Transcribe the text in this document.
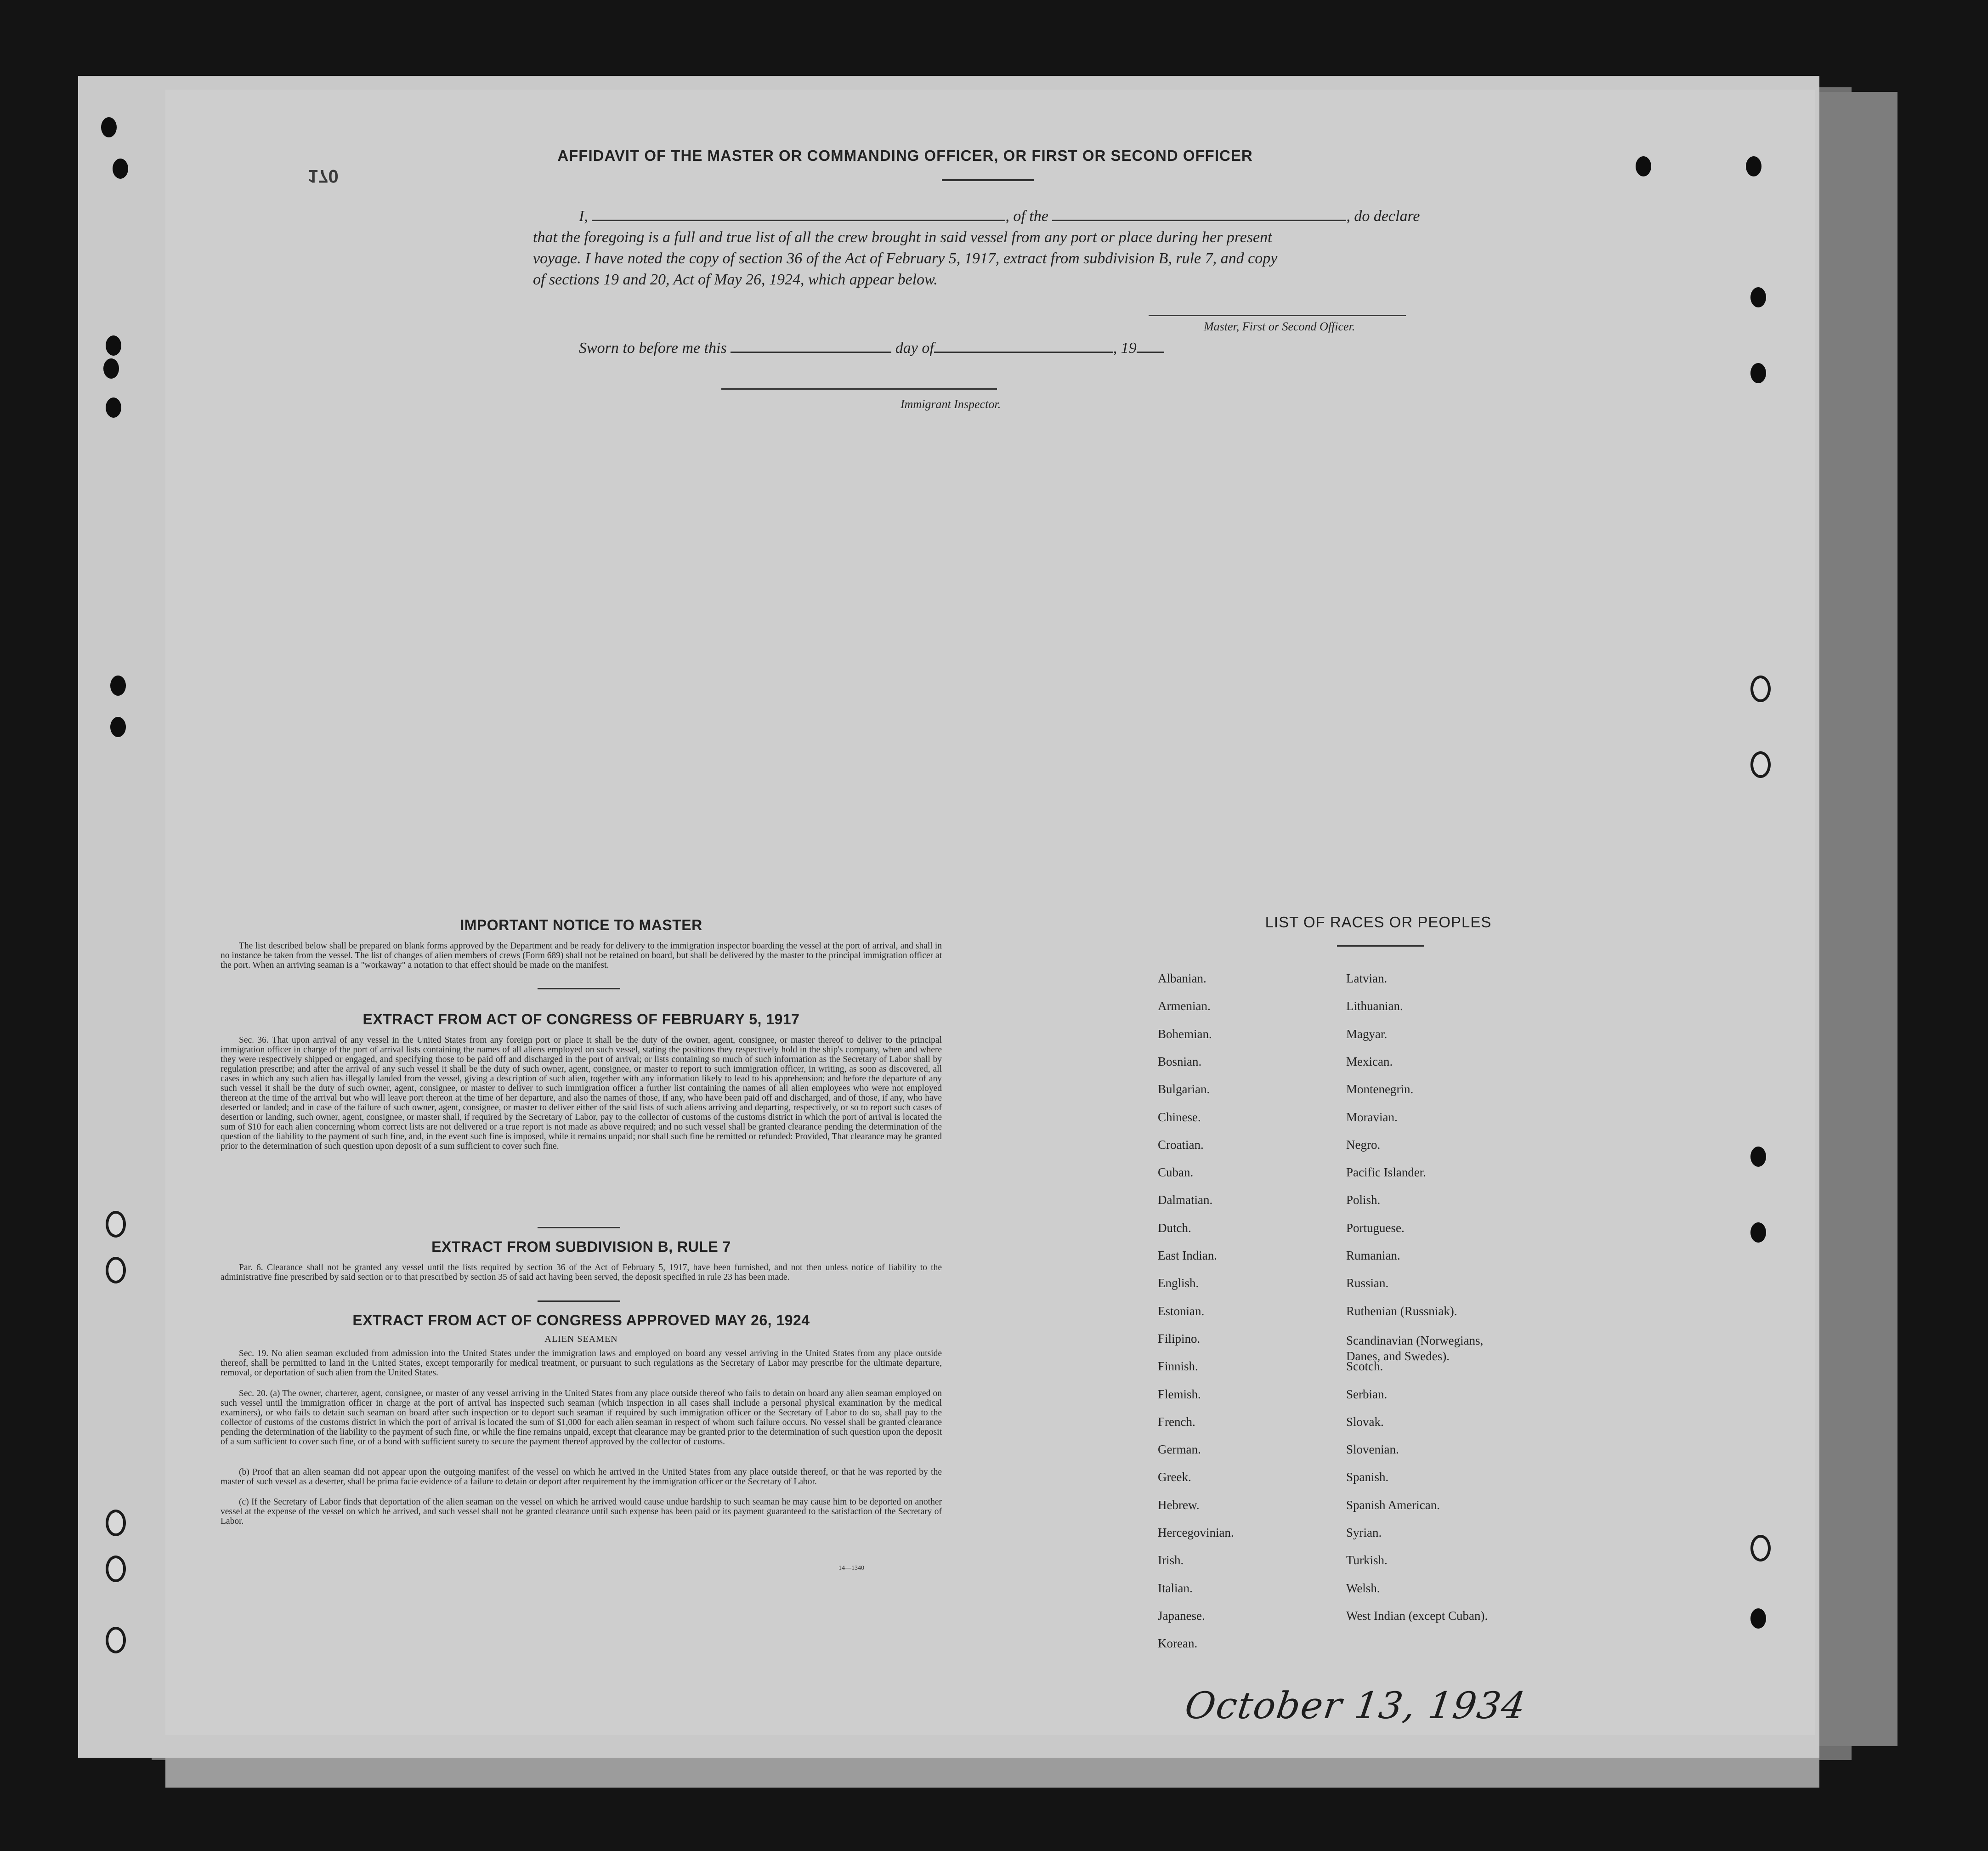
170
AFFIDAVIT OF THE MASTER OR COMMANDING OFFICER, OR FIRST OR SECOND OFFICER
I,	, of the	, do declare
that the foregoing is a full and true list of all the crew brought in said vessel from any port or place during her present
voyage. I have noted the copy of section 36 of the Act of February 5, 1917, extract from subdivision B, rule 7, and copy
of sections 19 and 20, Act of May 26, 1924, which appear below.
Master, First or Second Officer.
Sworn to before me this	day of	, 19
Immigrant Inspector.
IMPORTANT NOTICE TO MASTER
The list described below shall be prepared on blank forms approved by the Department and be ready for delivery to the immigration inspector boarding the vessel at the port of arrival, and shall in no instance be taken from the vessel. The list of changes of alien members of crews (Form 689) shall not be retained on board, but shall be delivered by the master to the principal immigration officer at the port. When an arriving seaman is a "workaway" a notation to that effect should be made on the manifest.
EXTRACT FROM ACT OF CONGRESS OF FEBRUARY 5, 1917
Sec. 36. That upon arrival of any vessel in the United States from any foreign port or place it shall be the duty of the owner, agent, consignee, or master thereof to deliver to the principal immigration officer in charge of the port of arrival lists containing the names of all aliens employed on such vessel, stating the positions they respectively hold in the ship's company, when and where they were respectively shipped or engaged, and specifying those to be paid off and discharged in the port of arrival; or lists containing so much of such information as the Secretary of Labor shall by regulation prescribe; and after the arrival of any such vessel it shall be the duty of such owner, agent, consignee, or master to report to such immigration officer, in writing, as soon as discovered, all cases in which any such alien has illegally landed from the vessel, giving a description of such alien, together with any information likely to lead to his apprehension; and before the departure of any such vessel it shall be the duty of such owner, agent, consignee, or master to deliver to such immigration officer a further list containing the names of all alien employees who were not employed thereon at the time of the arrival but who will leave port thereon at the time of her departure, and also the names of those, if any, who have been paid off and discharged, and of those, if any, who have deserted or landed; and in case of the failure of such owner, agent, consignee, or master to deliver either of the said lists of such aliens arriving and departing, respectively, or so to report such cases of desertion or landing, such owner, agent, consignee, or master shall, if required by the Secretary of Labor, pay to the collector of customs of the customs district in which the port of arrival is located the sum of $10 for each alien concerning whom correct lists are not delivered or a true report is not made as above required; and no such vessel shall be granted clearance pending the determination of the question of the liability to the payment of such fine, and, in the event such fine is imposed, while it remains unpaid; nor shall such fine be remitted or refunded: Provided, That clearance may be granted prior to the determination of such question upon deposit of a sum sufficient to cover such fine.
EXTRACT FROM SUBDIVISION B, RULE 7
Par. 6. Clearance shall not be granted any vessel until the lists required by section 36 of the Act of February 5, 1917, have been furnished, and not then unless notice of liability to the administrative fine prescribed by said section or to that prescribed by section 35 of said act having been served, the deposit specified in rule 23 has been made.
EXTRACT FROM ACT OF CONGRESS APPROVED MAY 26, 1924
ALIEN SEAMEN
Sec. 19. No alien seaman excluded from admission into the United States under the immigration laws and employed on board any vessel arriving in the United States from any place outside thereof, shall be permitted to land in the United States, except temporarily for medical treatment, or pursuant to such regulations as the Secretary of Labor may prescribe for the ultimate departure, removal, or deportation of such alien from the United States.
Sec. 20. (a) The owner, charterer, agent, consignee, or master of any vessel arriving in the United States from any place outside thereof who fails to detain on board any alien seaman employed on such vessel until the immigration officer in charge at the port of arrival has inspected such seaman (which inspection in all cases shall include a personal physical examination by the medical examiners), or who fails to detain such seaman on board after such inspection or to deport such seaman if required by such immigration officer or the Secretary of Labor to do so, shall pay to the collector of customs of the customs district in which the port of arrival is located the sum of $1,000 for each alien seaman in respect of whom such failure occurs. No vessel shall be granted clearance pending the determination of the liability to the payment of such fine, or while the fine remains unpaid, except that clearance may be granted prior to the determination of such question upon the deposit of a sum sufficient to cover such fine, or of a bond with sufficient surety to secure the payment thereof approved by the collector of customs.
(b) Proof that an alien seaman did not appear upon the outgoing manifest of the vessel on which he arrived in the United States from any place outside thereof, or that he was reported by the master of such vessel as a deserter, shall be prima facie evidence of a failure to detain or deport after requirement by the immigration officer or the Secretary of Labor.
(c) If the Secretary of Labor finds that deportation of the alien seaman on the vessel on which he arrived would cause undue hardship to such seaman he may cause him to be deported on another vessel at the expense of the vessel on which he arrived, and such vessel shall not be granted clearance until such expense has been paid or its payment guaranteed to the satisfaction of the Secretary of Labor.
14—1340
LIST OF RACES OR PEOPLES
October 13, 1934
Albanian.
Armenian.
Bohemian.
Bosnian.
Bulgarian.
Chinese.
Croatian.
Cuban.
Dalmatian.
Dutch.
East Indian.
English.
Estonian.
Filipino.
Finnish.
Flemish.
French.
German.
Greek.
Hebrew.
Hercegovinian.
Irish.
Italian.
Japanese.
Korean.
Latvian.
Lithuanian.
Magyar.
Mexican.
Montenegrin.
Moravian.
Negro.
Pacific Islander.
Polish.
Portuguese.
Rumanian.
Russian.
Ruthenian (Russniak).
Scandinavian (Norwegians,
Danes, and Swedes).
Scotch.
Serbian.
Slovak.
Slovenian.
Spanish.
Spanish American.
Syrian.
Turkish.
Welsh.
West Indian (except Cuban).
